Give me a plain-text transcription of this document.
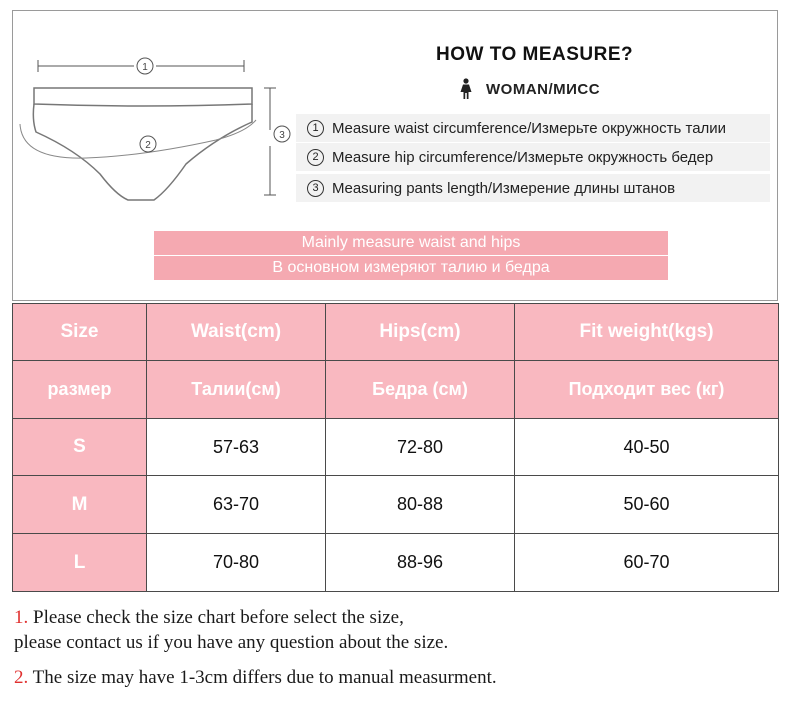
1
2
3
HOW TO MEASURE?
WOMAN/МИСС
1 Measure waist circumference/Измерьте окружность талии
2 Measure hip circumference/Измерьте окружность бедер
3 Measuring pants length/Измерение длины штанов
Mainly measure waist and hips
В основном измеряют талию и бедра
Size	Waist(cm)	Hips(cm)	Fit weight(kgs)
размер	Талии(см)	Бедра (см)	Подходит вес (кг)
S	57-63	72-80	40-50
M	63-70	80-88	50-60
L	70-80	88-96	60-70
1. Please check the size chart before select the size,
please contact us if you have any question about the size.
2. The size may have 1-3cm differs due to manual measurment.
